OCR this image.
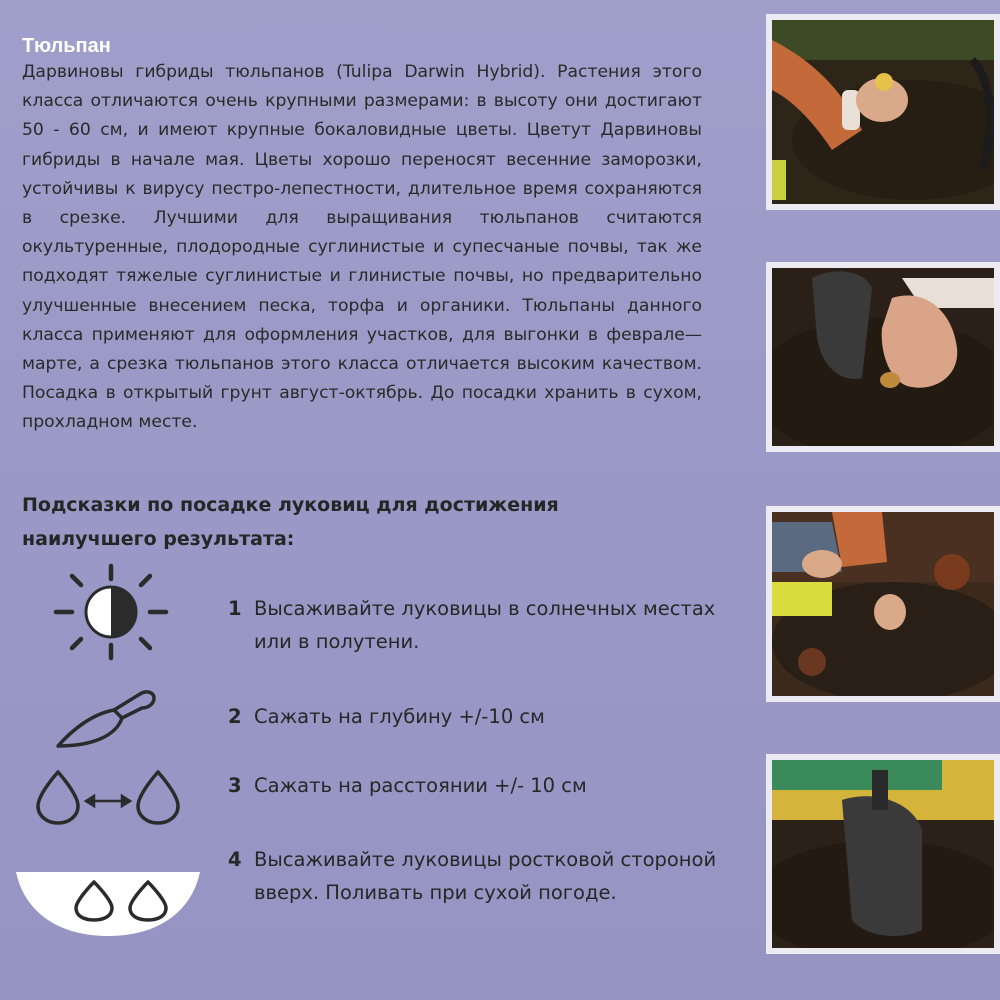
Тюльпан

Дарвиновы гибриды тюльпанов (Tulipa Darwin Hybrid). Растения этого класса отличаются очень крупными размерами: в высоту они достигают 50 - 60 см, и имеют крупные бокаловидные цветы. Цветут Дарвиновы гибриды в начале мая. Цветы хорошо переносят весенние заморозки, устойчивы к вирусу пестро-лепестности, длительное время сохраняются в срезке. Лучшими для выращивания тюльпанов считаются окультуренные, плодородные суглинистые и супесчаные почвы, так же подходят тяжелые суглинистые и глинистые почвы, но предварительно улучшенные внесением песка, торфа и органики. Тюльпаны данного класса применяют для оформления участков, для выгонки в феврале—марте, а срезка тюльпанов этого класса отличается высоким качеством. Посадка в открытый грунт август-октябрь. До посадки хранить в сухом, прохладном месте.

Подсказки по посадке луковиц для достижения наилучшего результата:
1 Высаживайте луковицы в солнечных местах или в полутени.
2 Сажать на глубину +/-10 см
3 Сажать на расстоянии +/- 10 см
4 Высаживайте луковицы ростковой стороной вверх. Поливать при сухой погоде.
